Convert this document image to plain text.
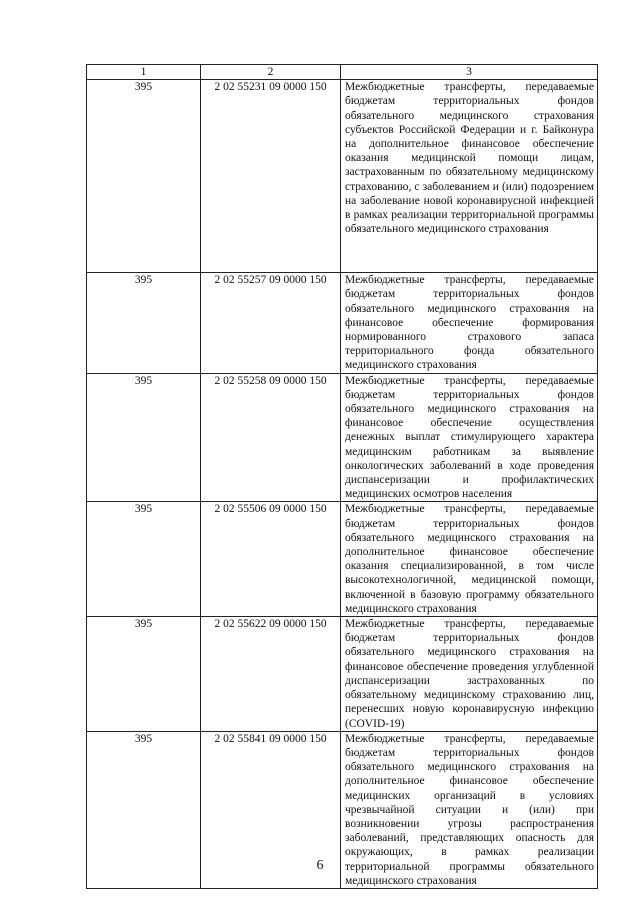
1	2	3
395	2 02 55231 09 0000 150	Межбюджетные трансферты, передаваемые бюджетам территориальных фондов обязательного медицинского страхования субъектов Российской Федерации и г. Байконура на дополнительное финансовое обеспечение оказания медицинской помощи лицам, застрахованным по обязательному медицинскому страхованию, с заболеванием и (или) подозрением на заболевание новой коронавирусной инфекцией в рамках реализации территориальной программы обязательного медицинского страхования
395	2 02 55257 09 0000 150	Межбюджетные трансферты, передаваемые бюджетам территориальных фондов обязательного медицинского страхования на финансовое обеспечение формирования нормированного страхового запаса территориального фонда обязательного медицинского страхования
395	2 02 55258 09 0000 150	Межбюджетные трансферты, передаваемые бюджетам территориальных фондов обязательного медицинского страхования на финансовое обеспечение осуществления денежных выплат стимулирующего характера медицинским работникам за выявление онкологических заболеваний в ходе проведения диспансеризации и профилактических медицинских осмотров населения
395	2 02 55506 09 0000 150	Межбюджетные трансферты, передаваемые бюджетам территориальных фондов обязательного медицинского страхования на дополнительное финансовое обеспечение оказания специализированной, в том числе высокотехнологичной, медицинской помощи, включенной в базовую программу обязательного медицинского страхования
395	2 02 55622 09 0000 150	Межбюджетные трансферты, передаваемые бюджетам территориальных фондов обязательного медицинского страхования на финансовое обеспечение проведения углубленной диспансеризации застрахованных по обязательному медицинскому страхованию лиц, перенесших новую коронавирусную инфекцию (COVID-19)
395	2 02 55841 09 0000 150	Межбюджетные трансферты, передаваемые бюджетам территориальных фондов обязательного медицинского страхования на дополнительное финансовое обеспечение медицинских организаций в условиях чрезвычайной ситуации и (или) при возникновении угрозы распространения заболеваний, представляющих опасность для окружающих, в рамках реализации территориальной программы обязательного медицинского страхования
6
